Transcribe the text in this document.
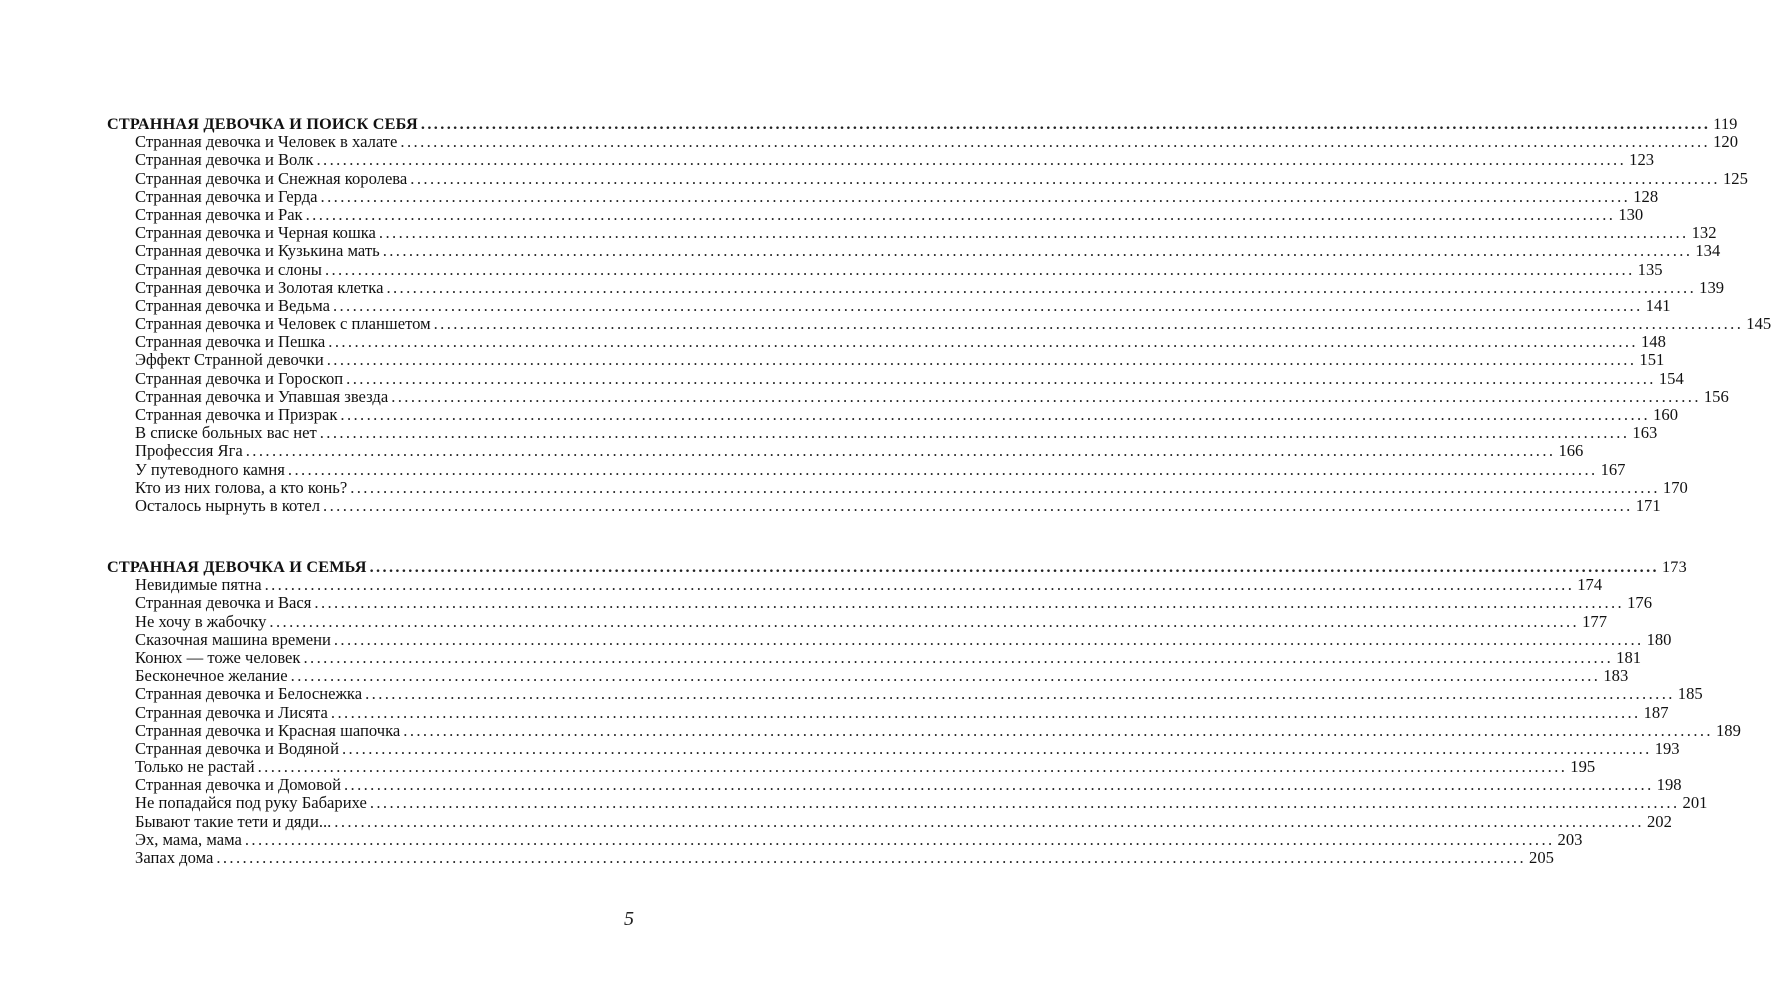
СТРАННАЯ ДЕВОЧКА И ПОИСК СЕБЯ ........................................................................................................................................................................................................ 119
Странная девочка и Человек в халате ........................................................................................................................................................................................................ 120
Странная девочка и Волк ........................................................................................................................................................................................................ 123
Странная девочка и Снежная королева ........................................................................................................................................................................................................ 125
Странная девочка и Герда ........................................................................................................................................................................................................ 128
Странная девочка и Рак ........................................................................................................................................................................................................ 130
Странная девочка и Черная кошка ........................................................................................................................................................................................................ 132
Странная девочка и Кузькина мать ........................................................................................................................................................................................................ 134
Странная девочка и слоны ........................................................................................................................................................................................................ 135
Странная девочка и Золотая клетка ........................................................................................................................................................................................................ 139
Странная девочка и Ведьма ........................................................................................................................................................................................................ 141
Странная девочка и Человек с планшетом ........................................................................................................................................................................................................ 145
Странная девочка и Пешка ........................................................................................................................................................................................................ 148
Эффект Странной девочки ........................................................................................................................................................................................................ 151
Странная девочка и Гороскоп ........................................................................................................................................................................................................ 154
Странная девочка и Упавшая звезда ........................................................................................................................................................................................................ 156
Странная девочка и Призрак ........................................................................................................................................................................................................ 160
В списке больных вас нет ........................................................................................................................................................................................................ 163
Профессия Яга ........................................................................................................................................................................................................ 166
У путеводного камня ........................................................................................................................................................................................................ 167
Кто из них голова, а кто конь? ........................................................................................................................................................................................................ 170
Осталось нырнуть в котел ........................................................................................................................................................................................................ 171
СТРАННАЯ ДЕВОЧКА И СЕМЬЯ ........................................................................................................................................................................................................ 173
Невидимые пятна ........................................................................................................................................................................................................ 174
Странная девочка и Вася ........................................................................................................................................................................................................ 176
Не хочу в жабочку ........................................................................................................................................................................................................ 177
Сказочная машина времени ........................................................................................................................................................................................................ 180
Конюх — тоже человек ........................................................................................................................................................................................................ 181
Бесконечное желание ........................................................................................................................................................................................................ 183
Странная девочка и Белоснежка ........................................................................................................................................................................................................ 185
Странная девочка и Лисята ........................................................................................................................................................................................................ 187
Странная девочка и Красная шапочка ........................................................................................................................................................................................................ 189
Странная девочка и Водяной ........................................................................................................................................................................................................ 193
Только не растай ........................................................................................................................................................................................................ 195
Странная девочка и Домовой ........................................................................................................................................................................................................ 198
Не попадайся под руку Бабарихе ........................................................................................................................................................................................................ 201
Бывают такие тети и дяди... ........................................................................................................................................................................................................ 202
Эх, мама, мама ........................................................................................................................................................................................................ 203
Запах дома ........................................................................................................................................................................................................ 205
5
